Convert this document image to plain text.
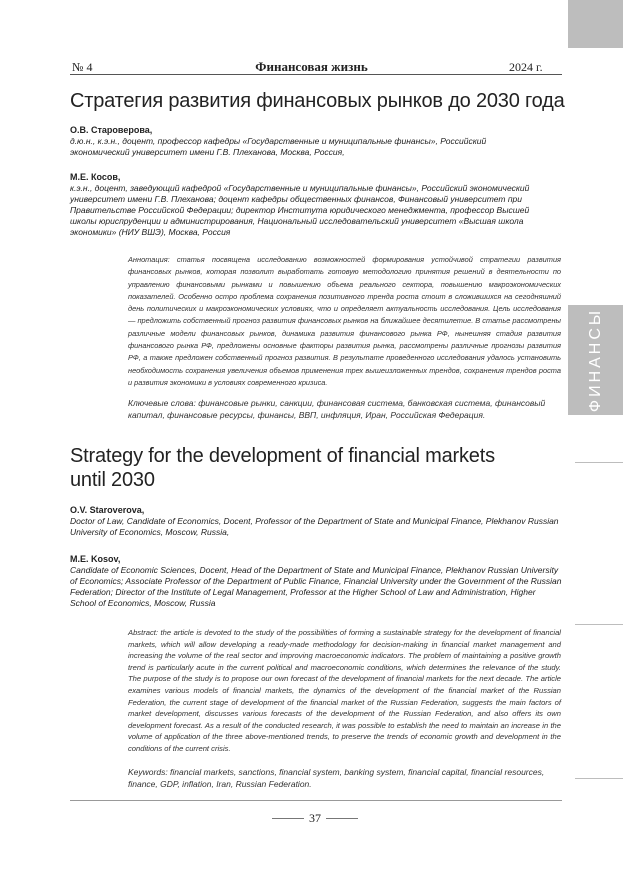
ФИНАНСЫ
№ 4	Финансовая жизнь	2024 г.
Стратегия развития финансовых рынков до 2030 года
О.В. Староверова,
д.ю.н., к.э.н., доцент, профессор кафедры «Государственные и муниципальные финансы», Российский экономический университет имени Г.В. Плеханова, Москва, Россия,
М.Е. Косов,
к.э.н., доцент, заведующий кафедрой «Государственные и муниципальные финансы», Российский экономический университет имени Г.В. Плеханова; доцент кафедры общественных финансов, Финансовый университет при Правительстве Российской Федерации; директор Института юридического менеджмента, профессор Высшей школы юриспруденции и администрирования, Национальный исследовательский университет «Высшая школа экономики» (НИУ ВШЭ), Москва, Россия
Аннотация: статья посвящена исследованию возможностей формирования устойчивой стратегии развития финансовых рынков, которая позволит выработать готовую методологию принятия решений в деятельности по управлению финансовыми рынками и повышению объема реального сектора, повышению макроэкономических показателей. Особенно остро проблема сохранения позитивного тренда роста стоит в сложившихся на сегодняшний день политических и макроэкономических условиях, что и определяет актуальность исследования. Цель исследования — предложить собственный прогноз развития финансовых рынков на ближайшее десятилетие. В статье рассмотрены различные модели финансовых рынков, динамика развития финансового рынка РФ, нынешняя стадия развития финансового рынка РФ, предложены основные факторы развития рынка, рассмотрены различные прогнозы развития РФ, а также предложен собственный прогноз развития. В результате проведенного исследования удалось установить необходимость сохранения увеличения объемов применения трех вышеизложенных трендов, сохранения трендов роста и развития экономики в условиях современного кризиса.
Ключевые слова: финансовые рынки, санкции, финансовая система, банковская система, финансовый капитал, финансовые ресурсы, финансы, ВВП, инфляция, Иран, Российская Федерация.
Strategy for the development of financial markets until 2030
O.V. Staroverova,
Doctor of Law, Candidate of Economics, Docent, Professor of the Department of State and Municipal Finance, Plekhanov Russian University of Economics, Moscow, Russia,
M.E. Kosov,
Candidate of Economic Sciences, Docent, Head of the Department of State and Municipal Finance, Plekhanov Russian University of Economics; Associate Professor of the Department of Public Finance, Financial University under the Government of the Russian Federation; Director of the Institute of Legal Management, Professor at the Higher School of Law and Administration, Higher School of Economics, Moscow, Russia
Abstract: the article is devoted to the study of the possibilities of forming a sustainable strategy for the development of financial markets, which will allow developing a ready-made methodology for decision-making in financial market management and increasing the volume of the real sector and improving macroeconomic indicators. The problem of maintaining a positive growth trend is particularly acute in the current political and macroeconomic conditions, which determines the relevance of the study. The purpose of the study is to propose our own forecast of the development of financial markets for the next decade. The article examines various models of financial markets, the dynamics of the development of the financial market of the Russian Federation, the current stage of development of the financial market of the Russian Federation, suggests the main factors of market development, discusses various forecasts of the development of the Russian Federation, and also offers its own development forecast. As a result of the conducted research, it was possible to establish the need to maintain an increase in the volume of application of the three above-mentioned trends, to preserve the trends of economic growth and development in the conditions of the current crisis.
Keywords: financial markets, sanctions, financial system, banking system, financial capital, financial resources, finance, GDP, inflation, Iran, Russian Federation.
37
